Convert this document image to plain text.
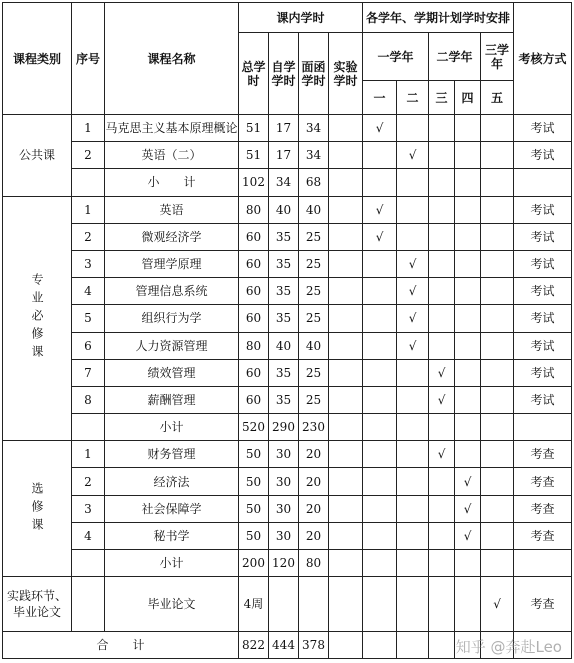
课程类别	序号	课程名称	课内学时				各学年、学期计划学时安排					考核方式
			总学时	自学学时	面函学时	实验学时	一学年		二学年		三学年	
							一	二	三	四	五	
公共课	1	马克思主义基本原理概论	51	17	34		√					考试
	2	英语（二）	51	17	34			√				考试
		小　　计	102	34	68							
专业必修课	1	英语	80	40	40		√					考试
	2	微观经济学	60	35	25		√					考试
	3	管理学原理	60	35	25			√				考试
	4	管理信息系统	60	35	25			√				考试
	5	组织行为学	60	35	25			√				考试
	6	人力资源管理	80	40	40			√				考试
	7	绩效管理	60	35	25				√			考试
	8	薪酬管理	60	35	25				√			考试
		小计	520	290	230							
选修课	1	财务管理	50	30	20				√			考查
	2	经济法	50	30	20					√		考查
	3	社会保障学	50	30	20					√		考查
	4	秘书学	50	30	20					√		考查
		小计	200	120	80							
实践环节、毕业论文		毕业论文	4周								√	考查
合　　计			822	444	378								知乎 @奔赴Leo
